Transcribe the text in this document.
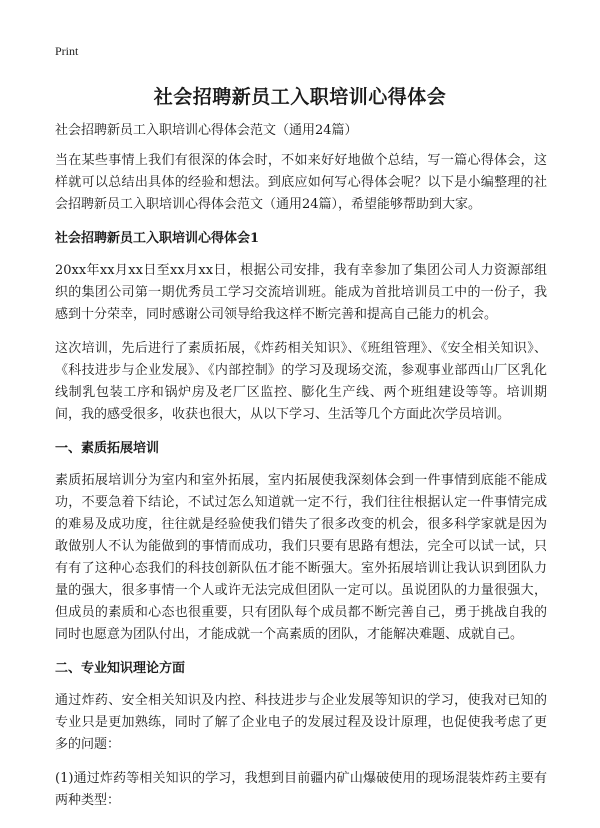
Print
社会招聘新员工入职培训心得体会

社会招聘新员工入职培训心得体会范文（通用24篇）

当在某些事情上我们有很深的体会时，不如来好好地做个总结，写一篇心得体会，这样就可以总结出具体的经验和想法。到底应如何写心得体会呢？以下是小编整理的社会招聘新员工入职培训心得体会范文（通用24篇），希望能够帮助到大家。

社会招聘新员工入职培训心得体会1

20xx年xx月xx日至xx月xx日，根据公司安排，我有幸参加了集团公司人力资源部组织的集团公司第一期优秀员工学习交流培训班。能成为首批培训员工中的一份子，我感到十分荣幸，同时感谢公司领导给我这样不断完善和提高自己能力的机会。

这次培训，先后进行了素质拓展，《炸药相关知识》、《班组管理》、《安全相关知识》、《科技进步与企业发展》、《内部控制》的学习及现场交流，参观事业部西山厂区乳化线制乳包装工序和锅炉房及老厂区监控、膨化生产线、两个班组建设等等。培训期间，我的感受很多，收获也很大，从以下学习、生活等几个方面此次学员培训。

一、素质拓展培训

素质拓展培训分为室内和室外拓展，室内拓展使我深刻体会到一件事情到底能不能成功，不要急着下结论，不试过怎么知道就一定不行，我们往往根据认定一件事情完成的难易及成功度，往往就是经验使我们错失了很多改变的机会，很多科学家就是因为敢做别人不认为能做到的事情而成功，我们只要有思路有想法，完全可以试一试，只有有了这种心态我们的科技创新队伍才能不断强大。室外拓展培训让我认识到团队力量的强大，很多事情一个人或许无法完成但团队一定可以。虽说团队的力量很强大，但成员的素质和心态也很重要，只有团队每个成员都不断完善自己，勇于挑战自我的同时也愿意为团队付出，才能成就一个高素质的团队，才能解决难题、成就自己。

二、专业知识理论方面

通过炸药、安全相关知识及内控、科技进步与企业发展等知识的学习，使我对已知的专业只是更加熟练，同时了解了企业电子的发展过程及设计原理，也促使我考虑了更多的问题：

(1)通过炸药等相关知识的学习，我想到目前疆内矿山爆破使用的现场混装炸药主要有两种类型：
